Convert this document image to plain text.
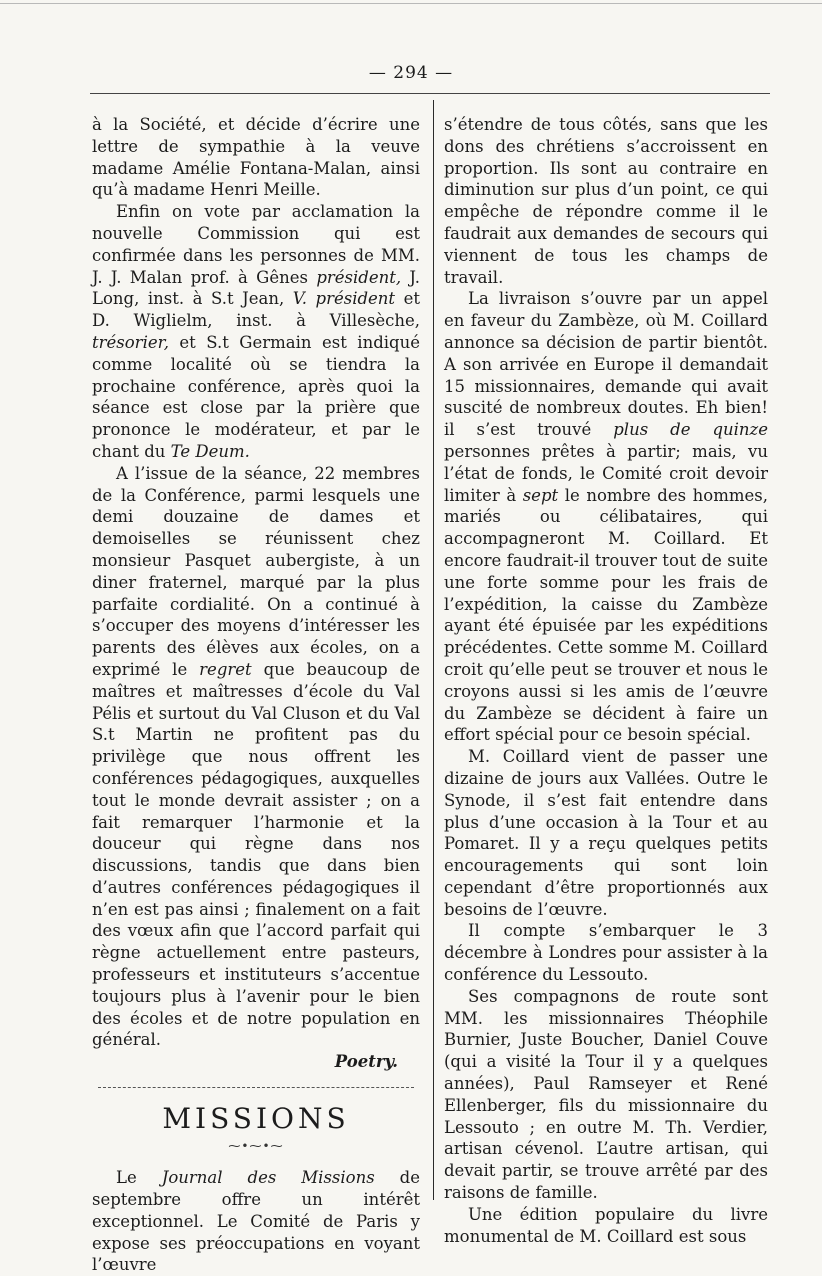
— 294 —

à la Société, et décide d’écrire une lettre de sympathie à la veuve madame Amélie Fontana-Malan, ainsi qu’à madame Henri Meille.

Enfin on vote par acclamation la nouvelle Commission qui est confirmée dans les personnes de MM. J. J. Malan prof. à Gênes président, J. Long, inst. à S.t Jean, V. président et D. Wiglielm, inst. à Villesèche, trésorier, et S.t Germain est indiqué comme localité où se tiendra la prochaine conférence, après quoi la séance est close par la prière que prononce le modérateur, et par le chant du Te Deum.

A l’issue de la séance, 22 membres de la Conférence, parmi lesquels une demi douzaine de dames et demoiselles se réunissent chez monsieur Pasquet aubergiste, à un diner fraternel, marqué par la plus parfaite cordialité. On a continué à s’occuper des moyens d’intéresser les parents des élèves aux écoles, on a exprimé le regret que beaucoup de maîtres et maîtresses d’école du Val Pélis et surtout du Val Cluson et du Val S.t Martin ne profitent pas du privilège que nous offrent les conférences pédagogiques, auxquelles tout le monde devrait assister ; on a fait remarquer l’harmonie et la douceur qui règne dans nos discussions, tandis que dans bien d’autres conférences pédagogiques il n’en est pas ainsi ; finalement on a fait des vœux afin que l’accord parfait qui règne actuellement entre pasteurs, professeurs et instituteurs s’accentue toujours plus à l’avenir pour le bien des écoles et de notre population en général.

Poetry.

MISSIONS
⁓•⁓•⁓

Le Journal des Missions de septembre offre un intérêt exceptionnel. Le Comité de Paris y expose ses préoccupations en voyant l’œuvre

s’étendre de tous côtés, sans que les dons des chrétiens s’accroissent en proportion. Ils sont au contraire en diminution sur plus d’un point, ce qui empêche de répondre comme il le faudrait aux demandes de secours qui viennent de tous les champs de travail.

La livraison s’ouvre par un appel en faveur du Zambèze, où M. Coillard annonce sa décision de partir bientôt. A son arrivée en Europe il demandait 15 missionnaires, demande qui avait suscité de nombreux doutes. Eh bien! il s’est trouvé plus de quinze personnes prêtes à partir; mais, vu l’état de fonds, le Comité croit devoir limiter à sept le nombre des hommes, mariés ou célibataires, qui accompagneront M. Coillard. Et encore faudrait-il trouver tout de suite une forte somme pour les frais de l’expédition, la caisse du Zambèze ayant été épuisée par les expéditions précédentes. Cette somme M. Coillard croit qu’elle peut se trouver et nous le croyons aussi si les amis de l’œuvre du Zambèze se décident à faire un effort spécial pour ce besoin spécial.

M. Coillard vient de passer une dizaine de jours aux Vallées. Outre le Synode, il s’est fait entendre dans plus d’une occasion à la Tour et au Pomaret. Il y a reçu quelques petits encouragements qui sont loin cependant d’être proportionnés aux besoins de l’œuvre.

Il compte s’embarquer le 3 décembre à Londres pour assister à la conférence du Lessouto.

Ses compagnons de route sont MM. les missionnaires Théophile Burnier, Juste Boucher, Daniel Couve (qui a visité la Tour il y a quelques années), Paul Ramseyer et René Ellenberger, fils du missionnaire du Lessouto ; en outre M. Th. Verdier, artisan cévenol. L’autre artisan, qui devait partir, se trouve arrêté par des raisons de famille.

Une édition populaire du livre monumental de M. Coillard est sous
